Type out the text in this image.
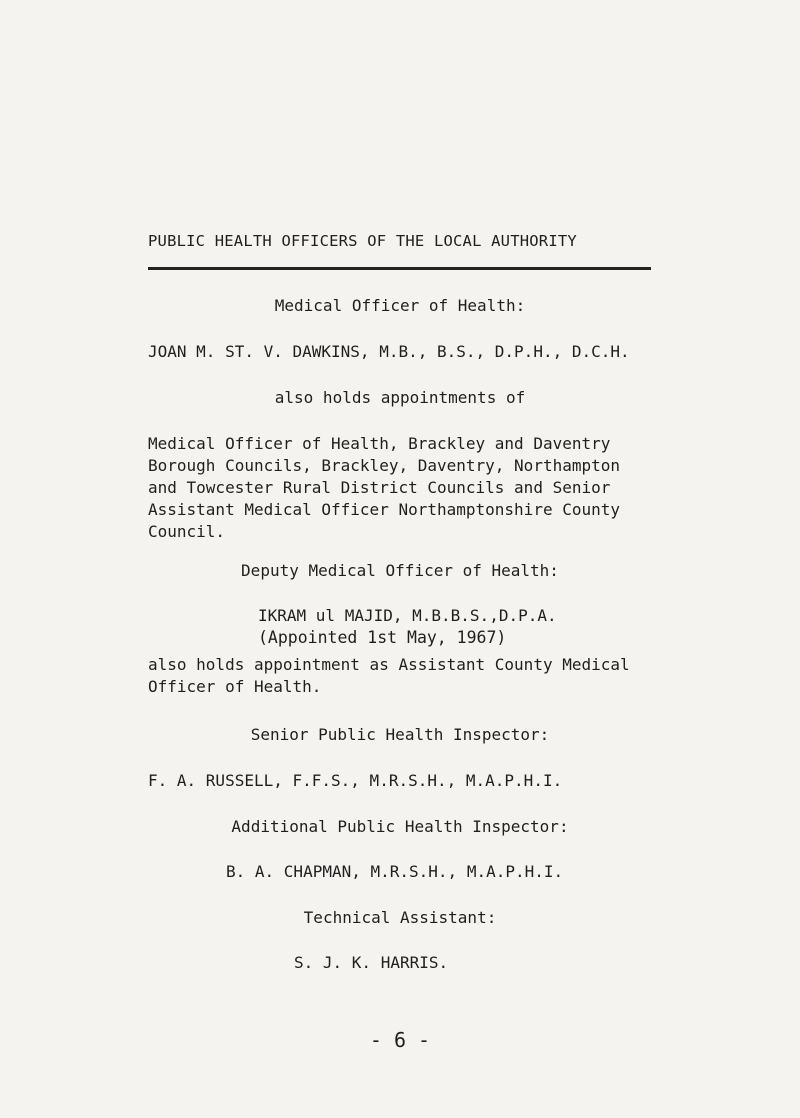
PUBLIC HEALTH OFFICERS OF THE LOCAL AUTHORITY
Medical Officer of Health:
JOAN M. ST. V. DAWKINS, M.B., B.S., D.P.H., D.C.H.
also holds appointments of
Medical Officer of Health, Brackley and Daventry
Borough Councils, Brackley, Daventry, Northampton
and Towcester Rural District Councils and Senior
Assistant Medical Officer Northamptonshire County
Council.
Deputy Medical Officer of Health:
IKRAM ul MAJID, M.B.B.S.,D.P.A.
(Appointed 1st May, 1967)
also holds appointment as Assistant County Medical
Officer of Health.
Senior Public Health Inspector:
F. A. RUSSELL, F.F.S., M.R.S.H., M.A.P.H.I.
Additional Public Health Inspector:
B. A. CHAPMAN, M.R.S.H., M.A.P.H.I.
Technical Assistant:
S. J. K. HARRIS.
- 6 -
